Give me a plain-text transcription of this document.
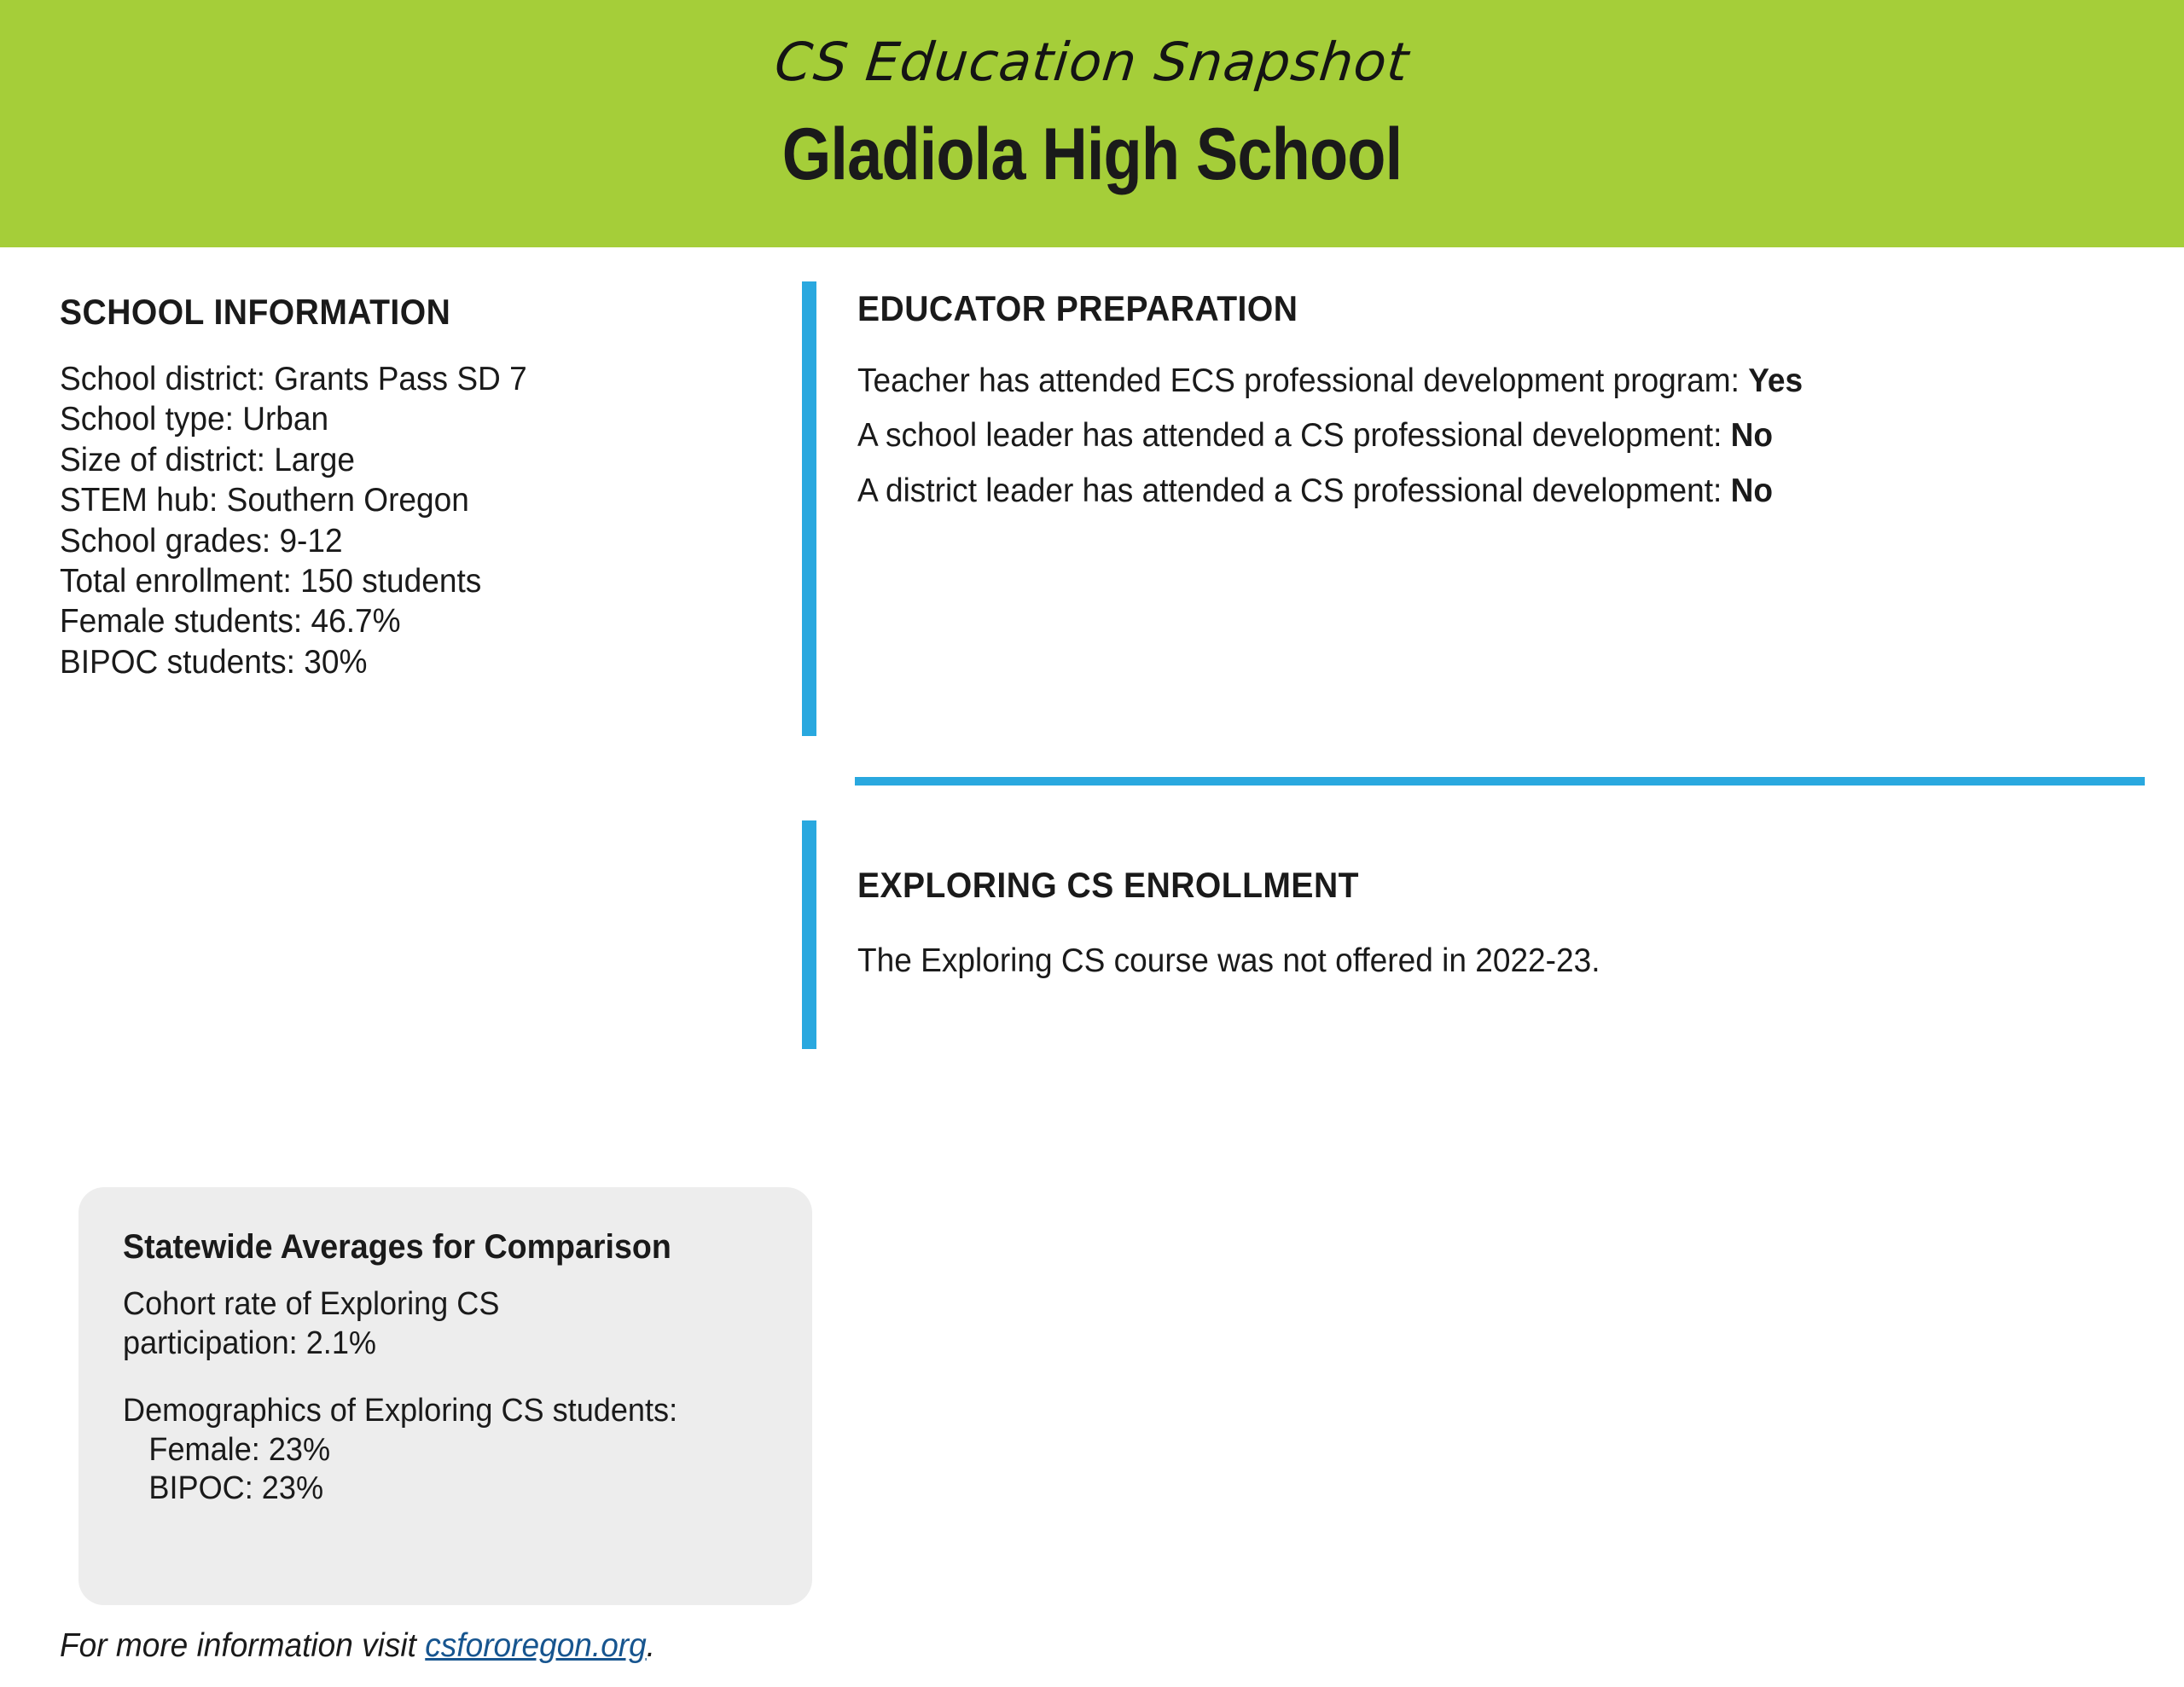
CS Education Snapshot
Gladiola High School
SCHOOL INFORMATION
School district: Grants Pass SD 7
School type: Urban
Size of district: Large
STEM hub: Southern Oregon
School grades: 9-12
Total enrollment: 150 students
Female students: 46.7%
BIPOC students: 30%
EDUCATOR PREPARATION
Teacher has attended ECS professional development program: Yes
A school leader has attended a CS professional development: No
A district leader has attended a CS professional development: No
EXPLORING CS ENROLLMENT
The Exploring CS course was not offered in 2022-23.
Statewide Averages for Comparison

Cohort rate of Exploring CS participation: 2.1%

Demographics of Exploring CS students:

Female: 23%
BIPOC: 23%
For more information visit csfororegon.org.
